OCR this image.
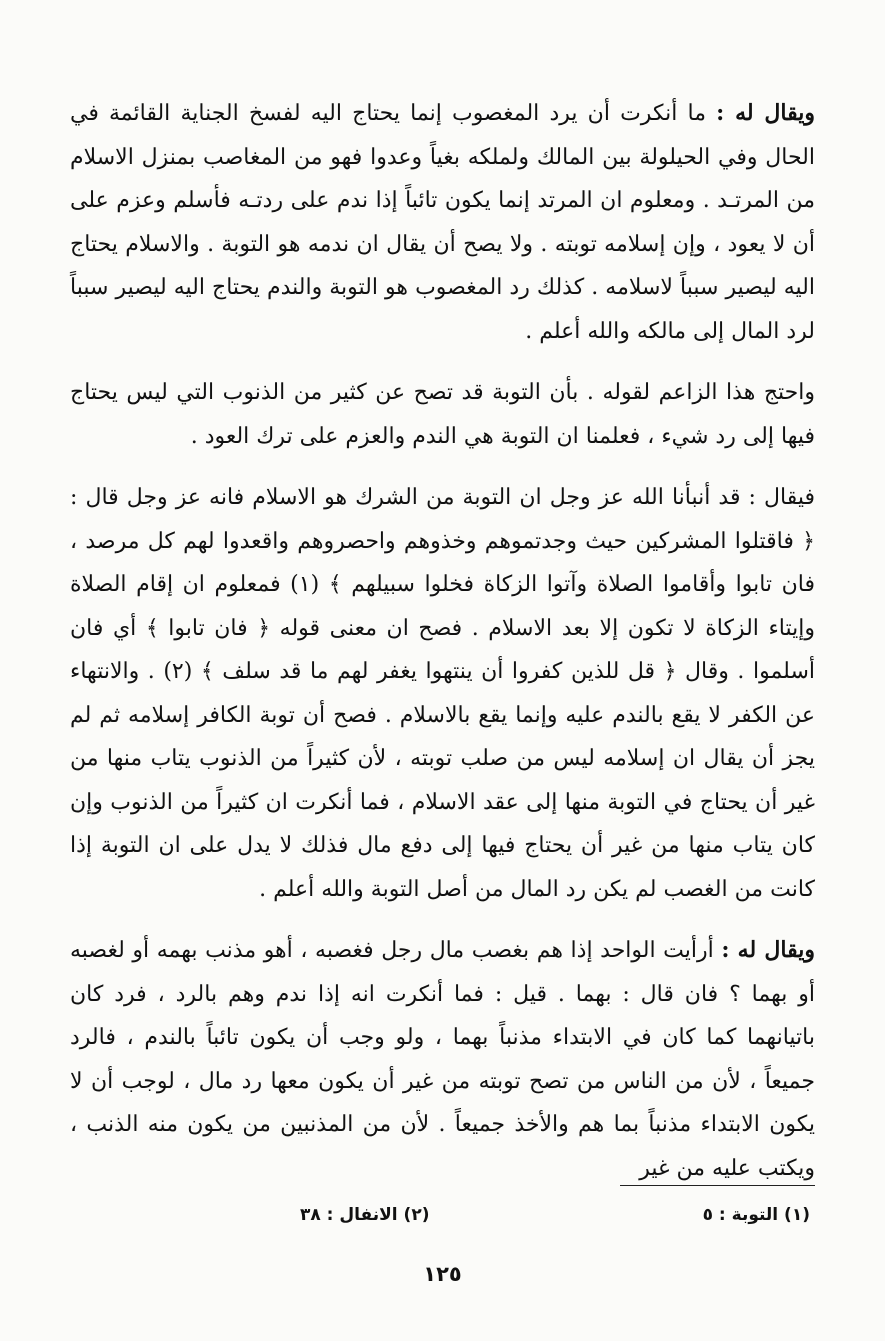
ويقال له : ما أنكرت أن يرد المغصوب إنما يحتاج اليه لفسخ الجناية القائمة في الحال وفي الحيلولة بين المالك ولملكه بغياً وعدوا فهو من المغاصب بمنزل الاسلام من المرتـد . ومعلوم ان المرتد إنما يكون تائباً إذا ندم على ردتـه فأسلم وعزم على أن لا يعود ، وإن إسلامه توبته . ولا يصح أن يقال ان ندمه هو التوبة . والاسلام يحتاج اليه ليصير سبباً لاسلامه . كذلك رد المغصوب هو التوبة والندم يحتاج اليه ليصير سبباً لرد المال إلى مالكه والله أعلم .

واحتج هذا الزاعم لقوله . بأن التوبة قد تصح عن كثير من الذنوب التي ليس يحتاج فيها إلى رد شيء ، فعلمنا ان التوبة هي الندم والعزم على ترك العود .

فيقال : قد أنبأنا الله عز وجل ان التوبة من الشرك هو الاسلام فانه عز وجل قال : ﴿ فاقتلوا المشركين حيث وجدتموهم وخذوهم واحصروهم واقعدوا لهم كل مرصد ، فان تابوا وأقاموا الصلاة وآتوا الزكاة فخلوا سبيلهم ﴾ (١) فمعلوم ان إقام الصلاة وإيتاء الزكاة لا تكون إلا بعد الاسلام . فصح ان معنى قوله ﴿ فان تابوا ﴾ أي فان أسلموا . وقال ﴿ قل للذين كفروا أن ينتهوا يغفر لهم ما قد سلف ﴾ (٢) . والانتهاء عن الكفر لا يقع بالندم عليه وإنما يقع بالاسلام . فصح أن توبة الكافر إسلامه ثم لم يجز أن يقال ان إسلامه ليس من صلب توبته ، لأن كثيراً من الذنوب يتاب منها من غير أن يحتاج في التوبة منها إلى عقد الاسلام ، فما أنكرت ان كثيراً من الذنوب وإن كان يتاب منها من غير أن يحتاج فيها إلى دفع مال فذلك لا يدل على ان التوبة إذا كانت من الغصب لم يكن رد المال من أصل التوبة والله أعلم .

ويقال له : أرأيت الواحد إذا هم بغصب مال رجل فغصبه ، أهو مذنب بهمه أو لغصبه أو بهما ؟ فان قال : بهما . قيل : فما أنكرت انه إذا ندم وهم بالرد ، فرد كان باتيانهما كما كان في الابتداء مذنباً بهما ، ولو وجب أن يكون تائباً بالندم ، فالرد جميعاً ، لأن من الناس من تصح توبته من غير أن يكون معها رد مال ، لوجب أن لا يكون الابتداء مذنباً بما هم والأخذ جميعاً . لأن من المذنبين من يكون منه الذنب ، ويكتب عليه من غير

(١) التوبة : ٥
(٢) الانفال : ٣٨
١٢٥
